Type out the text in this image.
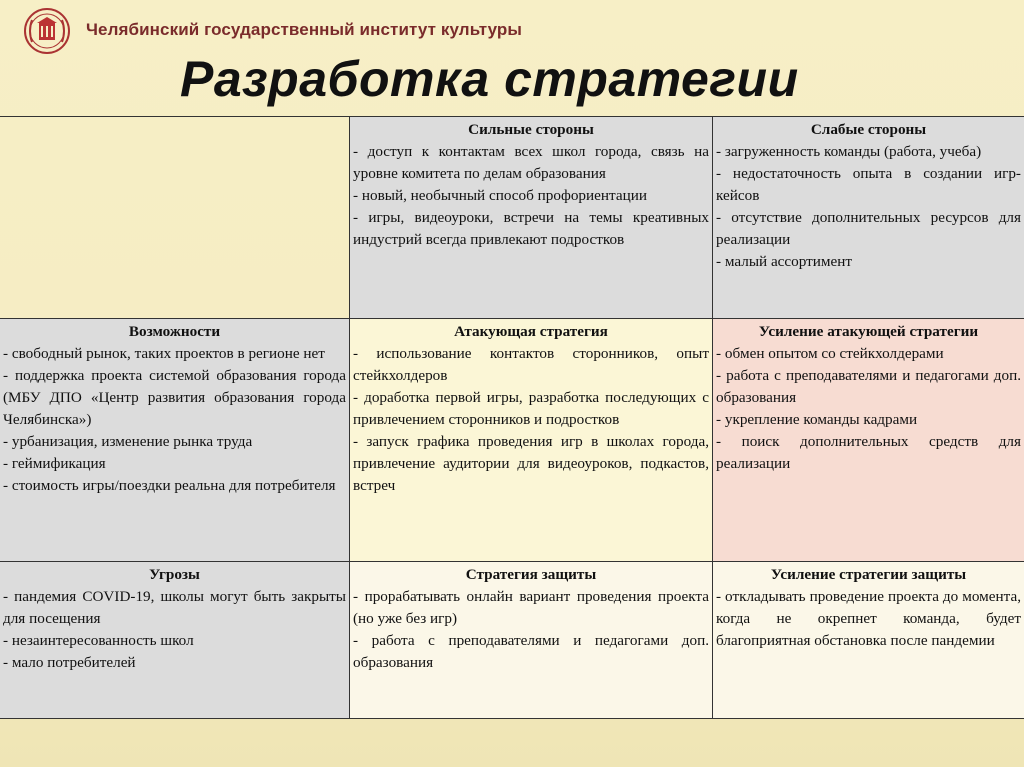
Челябинский государственный институт культуры
Разработка стратегии
Сильные стороны
- доступ к контактам всех школ города, связь на уровне комитета по делам образования
- новый, необычный способ профориентации
- игры, видеоуроки, встречи на темы креативных индустрий всегда привлекают подростков
Слабые стороны
- загруженность команды (работа, учеба)
- недостаточность опыта в создании игр-кейсов
- отсутствие дополнительных ресурсов для реализации
- малый ассортимент
Возможности
- свободный рынок, таких проектов в регионе нет
- поддержка проекта системой образования города (МБУ ДПО «Центр развития образования города Челябинска»)
- урбанизация, изменение рынка труда
- геймификация
- стоимость игры/поездки реальна для потребителя
Атакующая стратегия
- использование контактов сторонников, опыт стейкхолдеров
- доработка первой игры, разработка последующих с привлечением сторонников и подростков
- запуск графика проведения игр в школах города, привлечение аудитории для видеоуроков, подкастов, встреч
Усиление атакующей стратегии
- обмен опытом со стейкхолдерами
- работа с преподавателями и педагогами доп. образования
- укрепление команды кадрами
- поиск дополнительных средств для реализации
Угрозы
- пандемия COVID-19, школы могут быть закрыты для посещения
- незаинтересованность школ
- мало потребителей
Стратегия защиты
- прорабатывать онлайн вариант проведения проекта (но уже без игр)
- работа с преподавателями и педагогами доп. образования
Усиление стратегии защиты
- откладывать проведение проекта до момента, когда не окрепнет команда, будет благоприятная обстановка после пандемии
